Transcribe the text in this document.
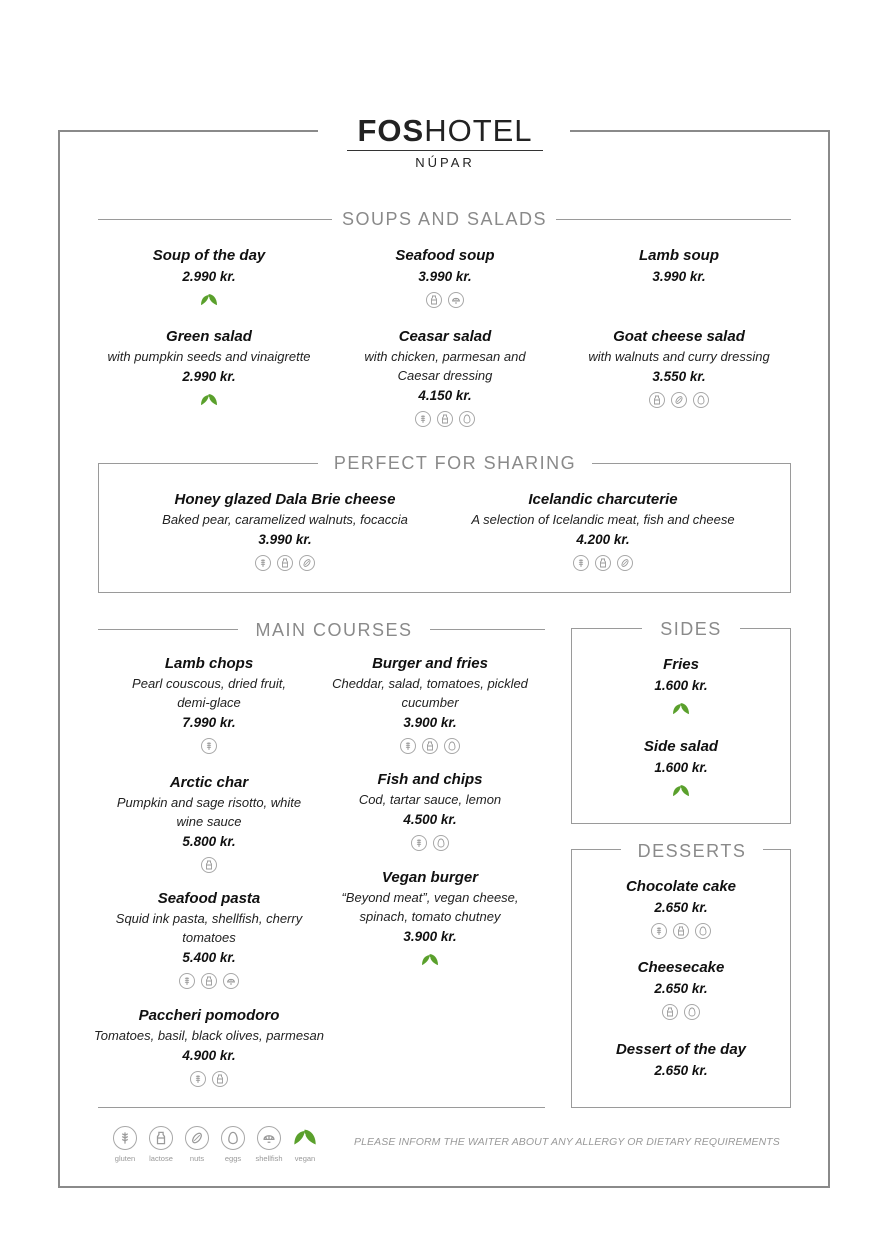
FOSHOTEL
NÚPAR
SOUPS AND SALADS
Soup of the day
2.990 kr.
Seafood soup
3.990 kr.
Lamb soup
3.990 kr.
Green salad
with pumpkin seeds and vinaigrette
2.990 kr.
Ceasar salad
with chicken, parmesan and Caesar dressing
4.150 kr.
Goat cheese salad
with walnuts and curry dressing
3.550 kr.
PERFECT FOR SHARING
Honey glazed Dala Brie cheese
Baked pear, caramelized walnuts, focaccia
3.990 kr.
Icelandic charcuterie
A selection of Icelandic meat, fish and cheese
4.200 kr.
MAIN COURSES
Lamb chops
Pearl couscous, dried fruit, demi-glace
7.990 kr.
Burger and fries
Cheddar, salad, tomatoes, pickled cucumber
3.900 kr.
Arctic char
Pumpkin and sage risotto, white wine sauce
5.800 kr.
Fish and chips
Cod, tartar sauce, lemon
4.500 kr.
Seafood pasta
Squid ink pasta, shellfish, cherry tomatoes
5.400 kr.
Vegan burger
“Beyond meat”, vegan cheese, spinach, tomato chutney
3.900 kr.
Paccheri pomodoro
Tomatoes, basil, black olives, parmesan
4.900 kr.
SIDES
Fries
1.600 kr.
Side salad
1.600 kr.
DESSERTS
Chocolate cake
2.650 kr.
Cheesecake
2.650 kr.
Dessert of the day
2.650 kr.
gluten lactose nuts	eggs shellfish vegan
PLEASE INFORM THE WAITER ABOUT ANY ALLERGY OR DIETARY REQUIREMENTS
